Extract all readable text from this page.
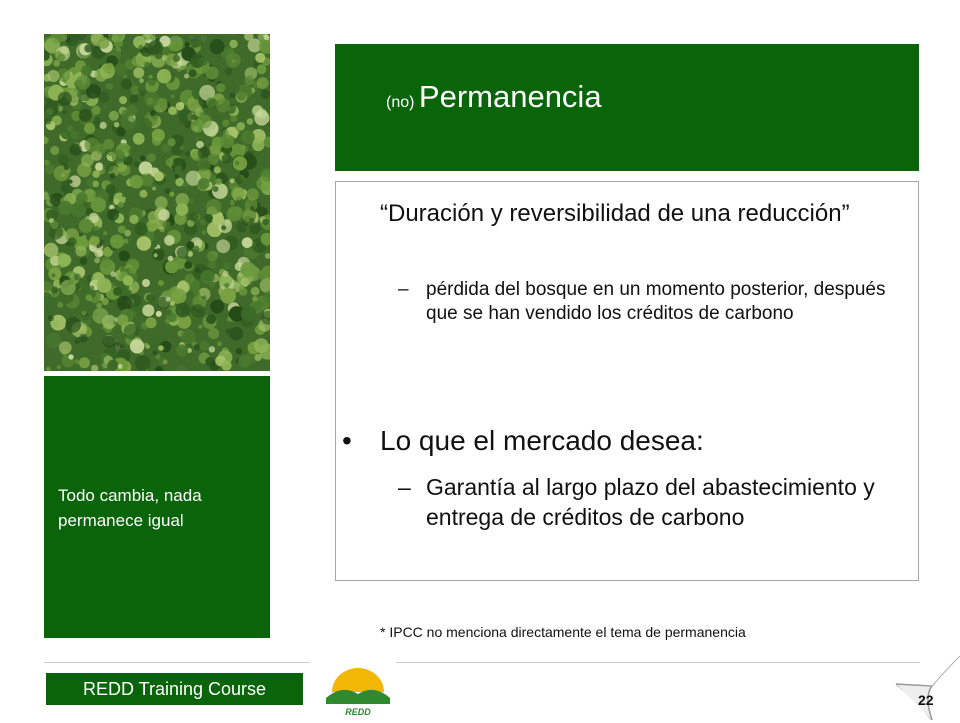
Todo cambia, nada permanece igual
(no) Permanencia
“Duración y reversibilidad de una reducción”
– pérdida del bosque en un momento posterior, después que se han vendido los créditos de carbono
• Lo que el mercado desea:
– Garantía al largo plazo del abastecimiento y entrega de créditos de carbono
* IPCC no menciona directamente el tema de permanencia
REDD Training Course
REDD
22
